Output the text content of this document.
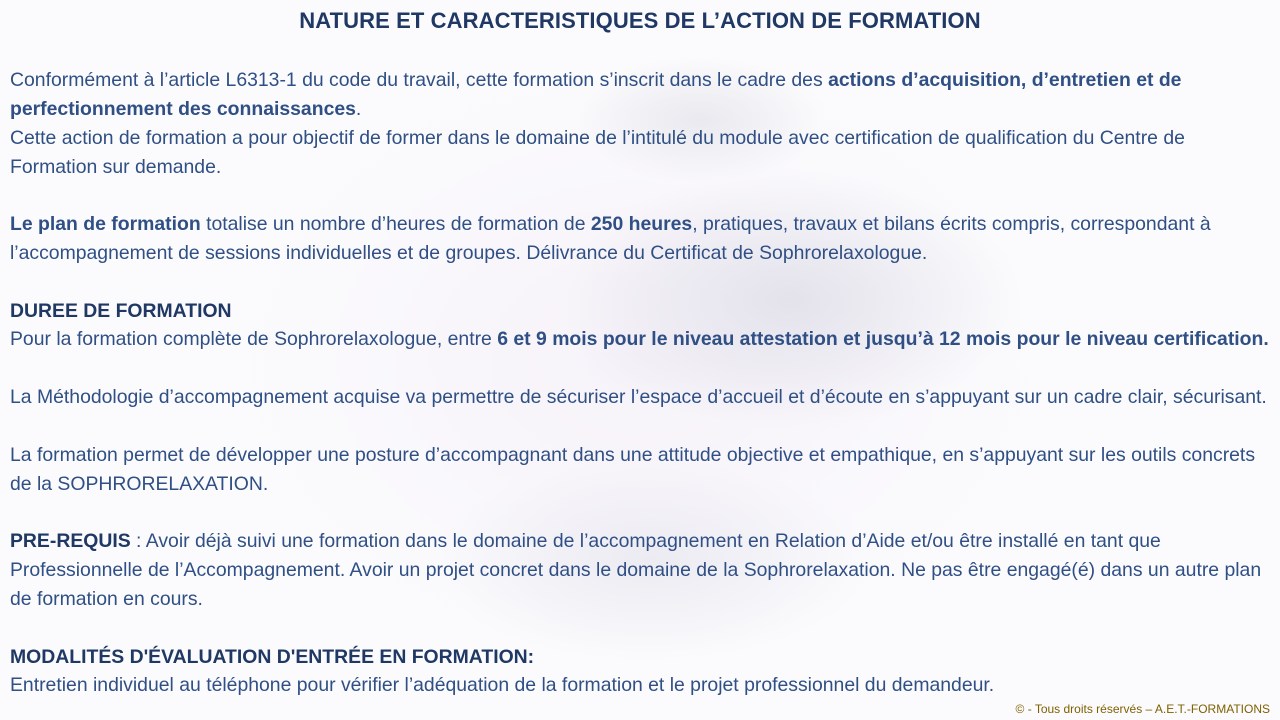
NATURE ET CARACTERISTIQUES DE L’ACTION DE FORMATION

Conformément à l’article L6313-1 du code du travail, cette formation s’inscrit dans le cadre des actions d’acquisition, d’entretien et de perfectionnement des connaissances.

Cette action de formation a pour objectif de former dans le domaine de l’intitulé du module avec certification de qualification du Centre de Formation sur demande.

Le plan de formation totalise un nombre d’heures de formation de 250 heures, pratiques, travaux et bilans écrits compris, correspondant à l’accompagnement de sessions individuelles et de groupes. Délivrance du Certificat de Sophrorelaxologue.

DUREE DE FORMATION

Pour la formation complète de Sophrorelaxologue, entre 6 et 9 mois pour le niveau attestation et jusqu’à 12 mois pour le niveau certification.

La Méthodologie d’accompagnement acquise va permettre de sécuriser l’espace d’accueil et d’écoute en s’appuyant sur un cadre clair, sécurisant.

La formation permet de développer une posture d’accompagnant dans une attitude objective et empathique, en s’appuyant sur les outils concrets de la SOPHRORELAXATION.

PRE-REQUIS : Avoir déjà suivi une formation dans le domaine de l’accompagnement en Relation d’Aide et/ou être installé en tant que Professionnelle de l’Accompagnement. Avoir un projet concret dans le domaine de la Sophrorelaxation. Ne pas être engagé(é) dans un autre plan de formation en cours.

MODALITÉS D'ÉVALUATION D'ENTRÉE EN FORMATION:

Entretien individuel au téléphone pour vérifier l’adéquation de la formation et le projet professionnel du demandeur.

© - Tous droits réservés – A.E.T.-FORMATIONS
